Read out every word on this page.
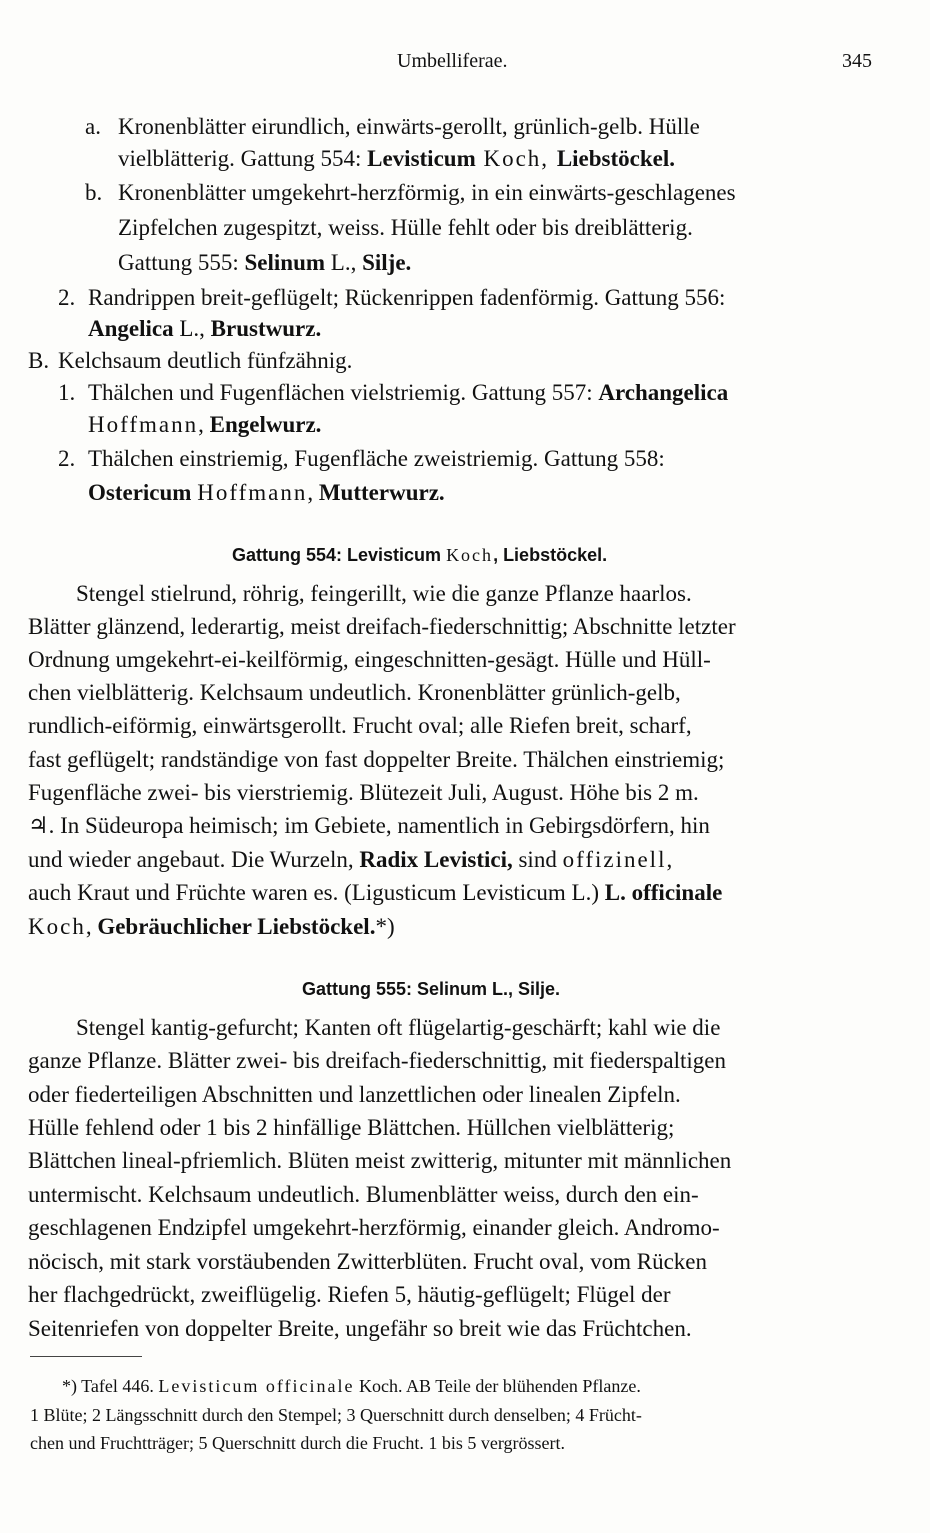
Umbelliferae.	345
a. Kronenblätter eirundlich, einwärts-gerollt, grünlich-gelb. Hülle
vielblätterig. Gattung 554: Levisticum Koch, Liebstöckel.
b. Kronenblätter umgekehrt-herzförmig, in ein einwärts-geschlagenes
Zipfelchen zugespitzt, weiss. Hülle fehlt oder bis dreiblätterig.
Gattung 555: Selinum L., Silje.
2. Randrippen breit-geflügelt; Rückenrippen fadenförmig. Gattung 556:
Angelica L., Brustwurz.
B. Kelchsaum deutlich fünfzähnig.
1. Thälchen und Fugenflächen vielstriemig. Gattung 557: Archangelica
Hoffmann, Engelwurz.
2. Thälchen einstriemig, Fugenfläche zweistriemig. Gattung 558:
Ostericum Hoffmann, Mutterwurz.
Gattung 554: Levisticum Koch, Liebstöckel.
Stengel stielrund, röhrig, feingerillt, wie die ganze Pflanze haarlos.
Blätter glänzend, lederartig, meist dreifach-fiederschnittig; Abschnitte letzter
Ordnung umgekehrt-ei-keilförmig, eingeschnitten-gesägt. Hülle und Hüll-
chen vielblätterig. Kelchsaum undeutlich. Kronenblätter grünlich-gelb,
rundlich-eiförmig, einwärtsgerollt. Frucht oval; alle Riefen breit, scharf,
fast geflügelt; randständige von fast doppelter Breite. Thälchen einstriemig;
Fugenfläche zwei- bis vierstriemig. Blütezeit Juli, August. Höhe bis 2 m.
♃. In Südeuropa heimisch; im Gebiete, namentlich in Gebirgsdörfern, hin
und wieder angebaut. Die Wurzeln, Radix Levistici, sind offizinell,
auch Kraut und Früchte waren es. (Ligusticum Levisticum L.) L. officinale
Koch, Gebräuchlicher Liebstöckel.*)
Gattung 555: Selinum L., Silje.
Stengel kantig-gefurcht; Kanten oft flügelartig-geschärft; kahl wie die
ganze Pflanze. Blätter zwei- bis dreifach-fiederschnittig, mit fiederspaltigen
oder fiederteiligen Abschnitten und lanzettlichen oder linealen Zipfeln.
Hülle fehlend oder 1 bis 2 hinfällige Blättchen. Hüllchen vielblätterig;
Blättchen lineal-pfriemlich. Blüten meist zwitterig, mitunter mit männlichen
untermischt. Kelchsaum undeutlich. Blumenblätter weiss, durch den ein-
geschlagenen Endzipfel umgekehrt-herzförmig, einander gleich. Andromo-
nöcisch, mit stark vorstäubenden Zwitterblüten. Frucht oval, vom Rücken
her flachgedrückt, zweiflügelig. Riefen 5, häutig-geflügelt; Flügel der
Seitenriefen von doppelter Breite, ungefähr so breit wie das Früchtchen.
*) Tafel 446. Levisticum officinale Koch. AB Teile der blühenden Pflanze.
1 Blüte; 2 Längsschnitt durch den Stempel; 3 Querschnitt durch denselben; 4 Frücht-
chen und Fruchtträger; 5 Querschnitt durch die Frucht. 1 bis 5 vergrössert.
